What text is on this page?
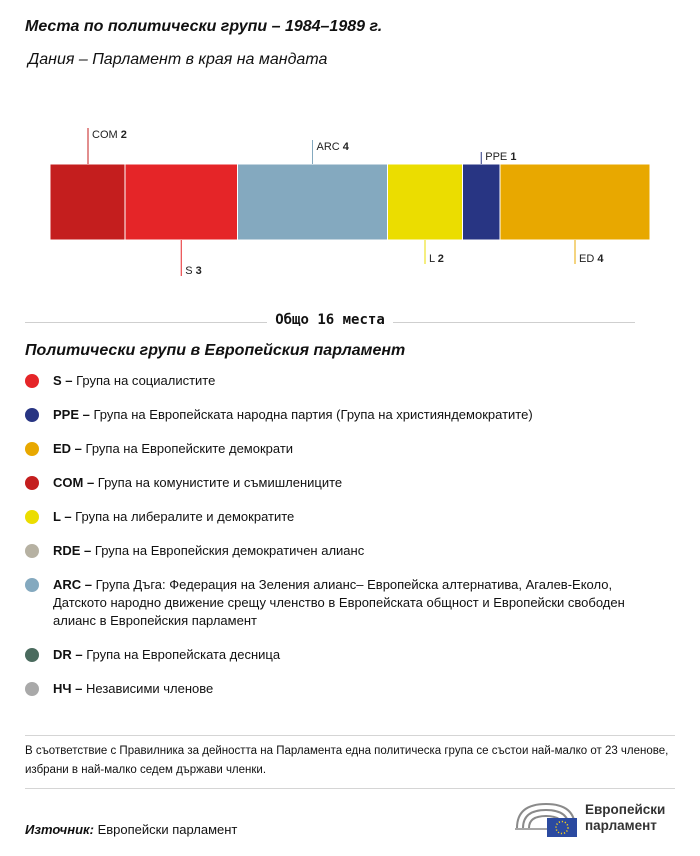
Места по политически групи – 1984–1989 г.
Дания – Парламент в края на мандата
COM 2
S 3
ARC 4
L 2
PPE 1
ED 4
Общо 16 места
Политически групи в Европейския парламент
S – Група на социалистите
PPE – Група на Европейската народна партия (Група на християндемократите)
ED – Група на Европейските демократи
COM – Група на комунистите и съмишлениците
L – Група на либералите и демократите
RDE – Група на Европейския демократичен алианс
ARC – Група Дъга: Федерация на Зеления алианс– Европейска алтернатива, Агалев-Еколо, Датското народно движение срещу членство в Европейската общност и Европейски свободен алианс в Европейския парламент
DR – Група на Европейската десница
НЧ – Независими членове
В съответствие с Правилника за дейността на Парламента една политическа група се състои най-малко от 23 членове, избрани в най-малко седем държави членки.
Източник: Европейски парламент
Европейски
парламент
